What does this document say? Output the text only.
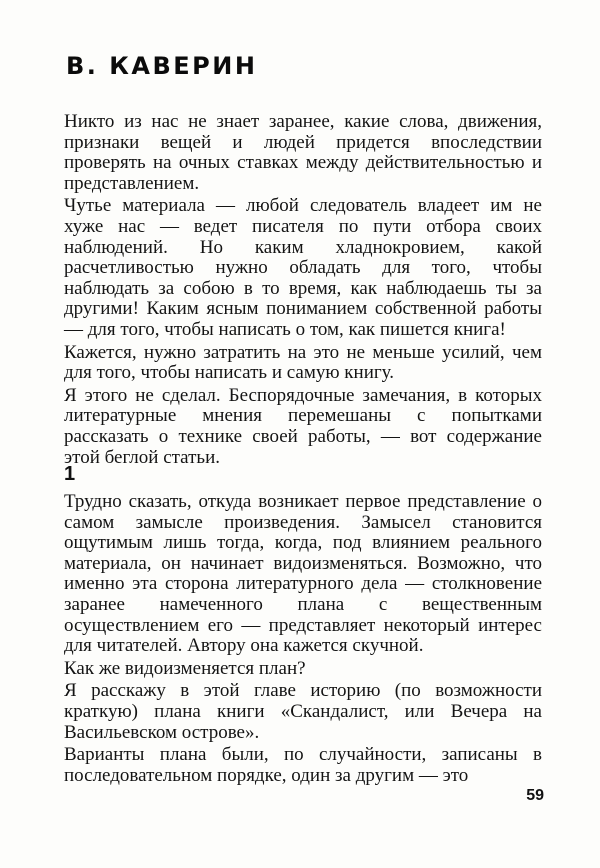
В. КАВЕРИН

Никто из нас не знает заранее, какие слова, движения, признаки вещей и людей придется впоследствии проверять на очных ставках между действительностью и представлением.

Чутье материала — любой следователь владеет им не хуже нас — ведет писателя по пути отбора своих наблюдений. Но каким хладнокровием, какой расчетливостью нужно обладать для того, чтобы наблюдать за собою в то время, как наблюдаешь ты за другими! Каким ясным пониманием собственной работы — для того, чтобы написать о том, как пишется книга!

Кажется, нужно затратить на это не меньше усилий, чем для того, чтобы написать и самую книгу.

Я этого не сделал. Беспорядочные замечания, в которых литературные мнения перемешаны с попытками рассказать о технике своей работы, — вот содержание этой беглой статьи.

1

Трудно сказать, откуда возникает первое представление о самом замысле произведения. Замысел становится ощутимым лишь тогда, когда, под влиянием реального материала, он начинает видоизменяться. Возможно, что именно эта сторона литературного дела — столкновение заранее намеченного плана с вещественным осуществлением его — представляет некоторый интерес для читателей. Автору она кажется скучной.

Как же видоизменяется план?

Я расскажу в этой главе историю (по возможности краткую) плана книги «Скандалист, или Вечера на Васильевском острове».

Варианты плана были, по случайности, записаны в последовательном порядке, один за другим — это

59
